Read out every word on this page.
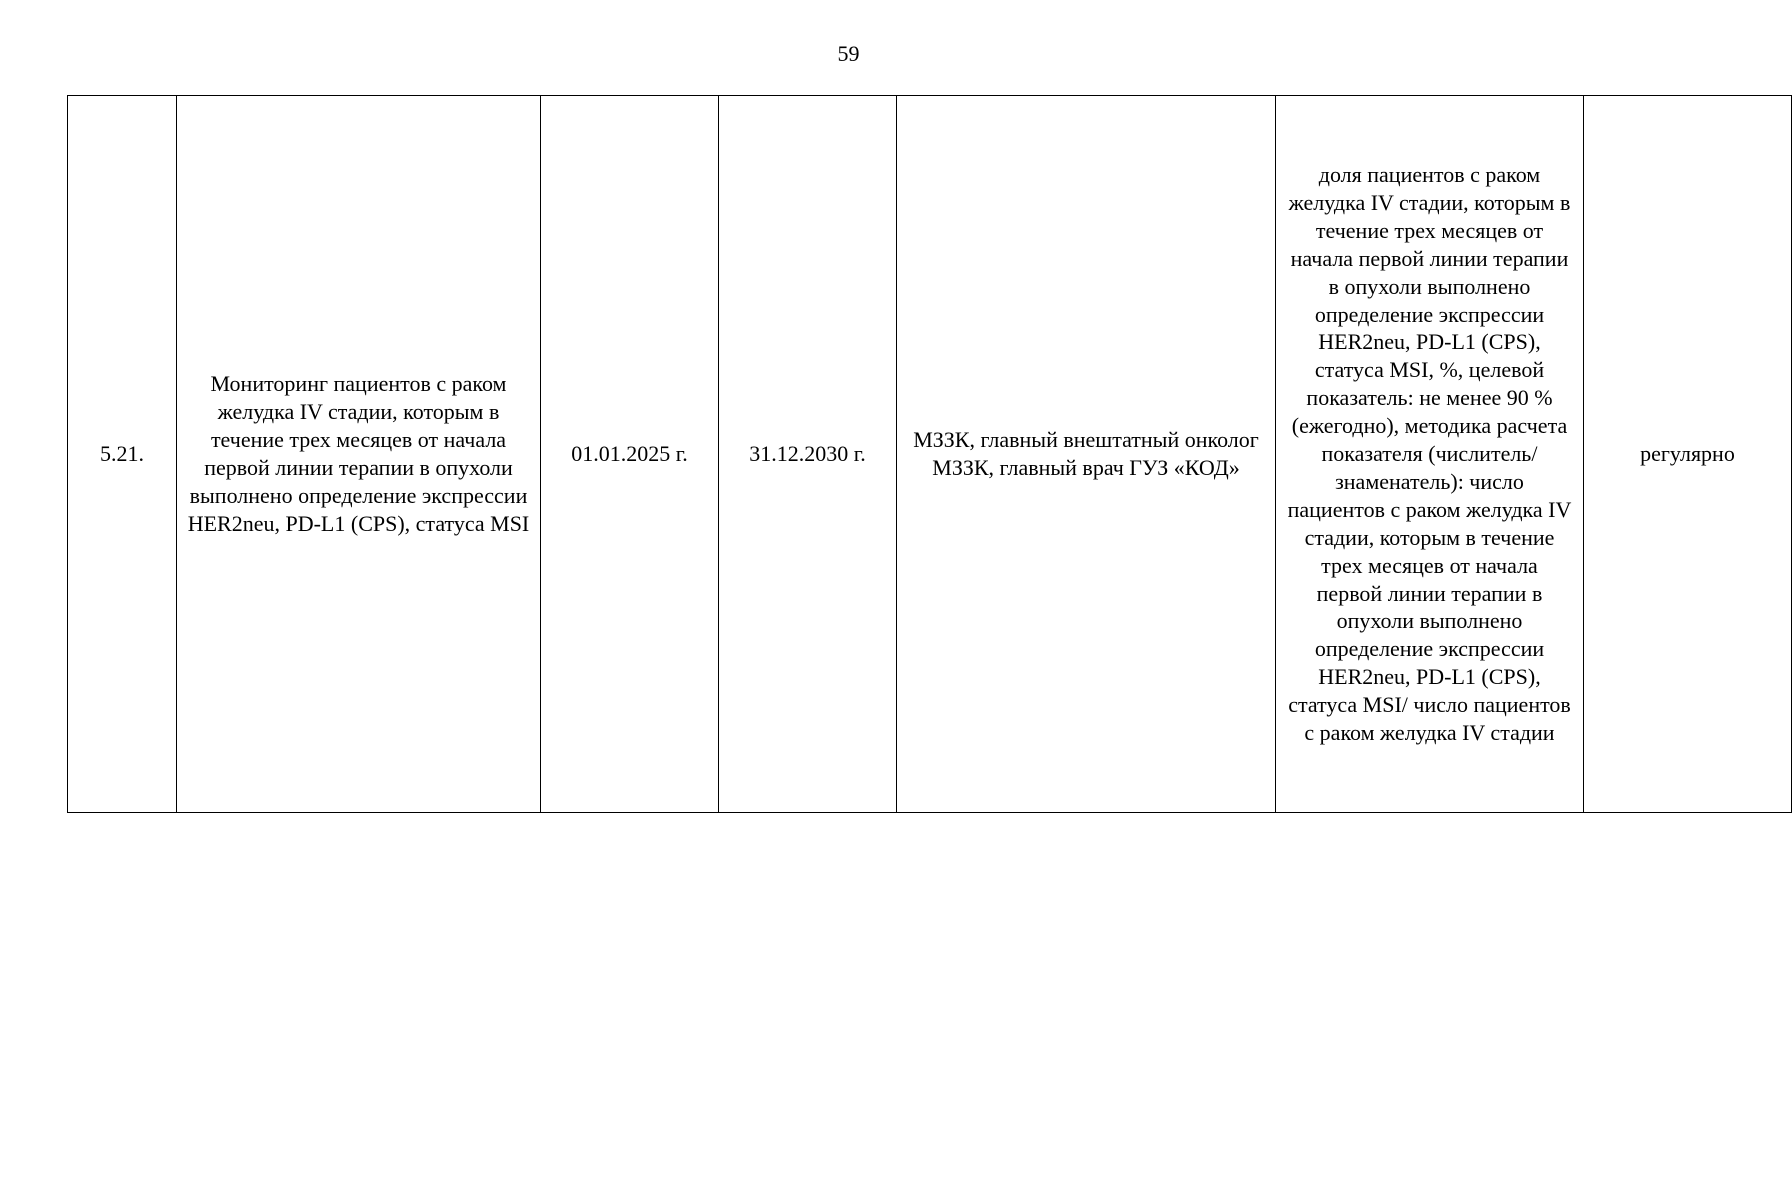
59
5.21.	Мониторинг пациентов с раком желудка IV стадии, которым в течение трех месяцев от начала первой линии терапии в опухоли выполнено определение экспрессии HER2neu, PD-L1 (CPS), статуса MSI	01.01.2025 г.	31.12.2030 г.	МЗЗК, главный внештатный онколог МЗЗК, главный врач ГУЗ «КОД»	доля пациентов с раком желудка IV стадии, которым в течение трех месяцев от начала первой линии терапии в опухоли выполнено определение экспрессии HER2neu, PD-L1 (CPS), статуса MSI, %, целевой показатель: не менее 90 % (ежегодно), методика расчета показателя (числитель/знаменатель): число пациентов с раком желудка IV стадии, которым в течение трех месяцев от начала первой линии терапии в опухоли выполнено определение экспрессии HER2neu, PD-L1 (CPS), статуса MSI/ число пациентов с раком желудка IV стадии	регулярно
